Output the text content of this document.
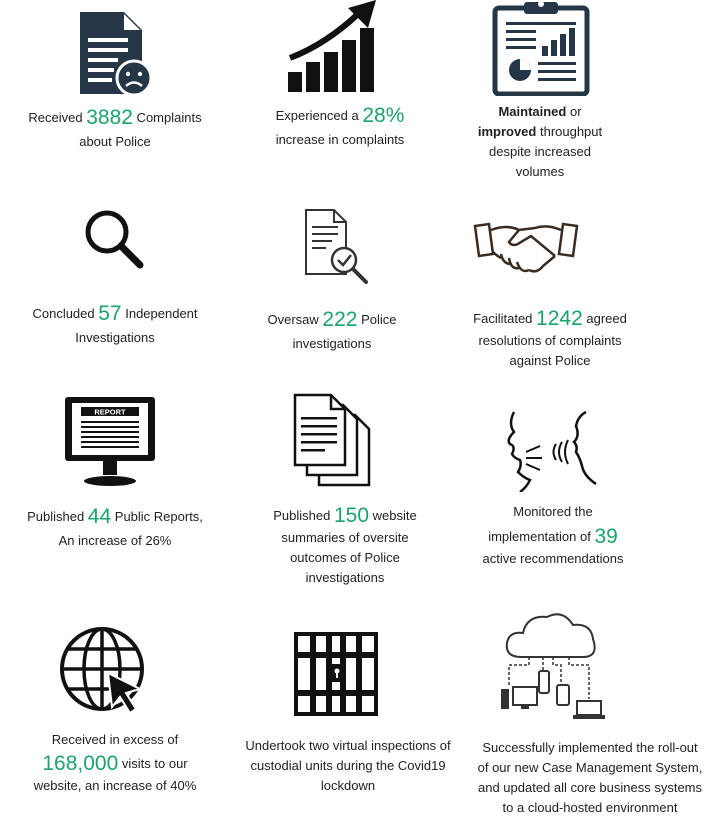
Received 3882 Complaints
about Police
Experienced a 28%
increase in complaints
Maintained or
improved throughput
despite increased
volumes
Concluded 57 Independent
Investigations
Oversaw 222 Police
investigations
Facilitated 1242 agreed
resolutions of complaints
against Police
REPORT
Published 44 Public Reports,
An increase of 26%
Published 150 website
summaries of oversite
outcomes of Police
investigations
Monitored the
implementation of 39
active recommendations
Received in excess of
168,000 visits to our
website, an increase of 40%
Undertook two virtual inspections of
custodial units during the Covid19
lockdown
Successfully implemented the roll-out
of our new Case Management System,
and updated all core business systems
to a cloud-hosted environment
